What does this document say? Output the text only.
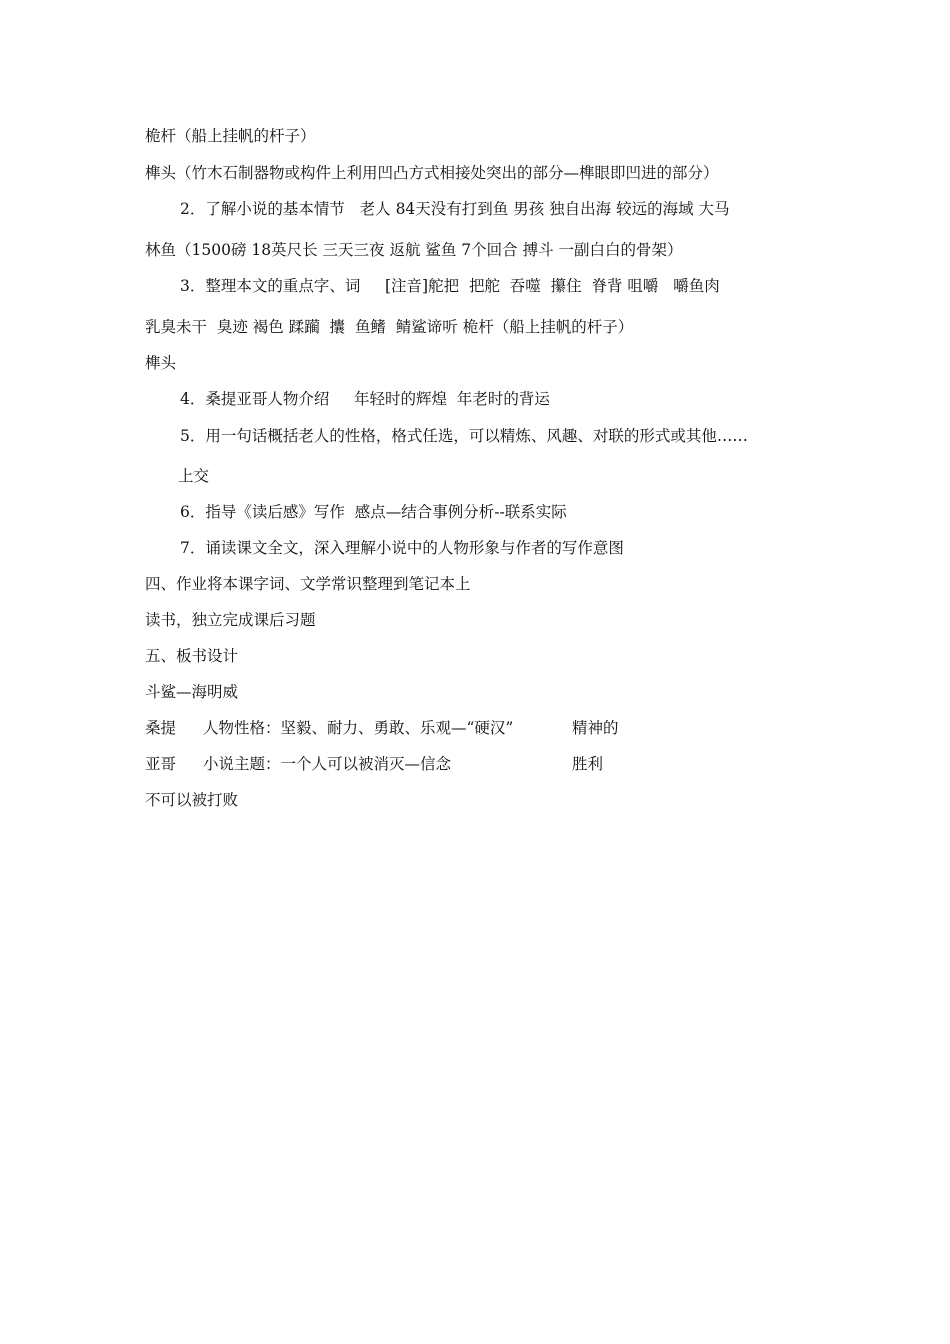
桅杆（船上挂帆的杆子）
榫头（竹木石制器物或构件上利用凹凸方式相接处突出的部分—榫眼即凹进的部分）
2．了解小说的基本情节   老人 84天没有打到鱼 男孩 独自出海 较远的海域 大马
林鱼（1500磅 18英尺长 三天三夜 返航 鲨鱼 7个回合 搏斗 一副白白的骨架）
3．整理本文的重点字、词     [注音]舵把  把舵  吞噬  攥住  脊背 咀嚼   嚼鱼肉
乳臭未干  臭迹 褐色 蹂躏  攮  鱼鳍  鲭鲨谛听 桅杆（船上挂帆的杆子）
榫头
4．桑提亚哥人物介绍     年轻时的辉煌  年老时的背运
5．用一句话概括老人的性格，格式任选，可以精炼、风趣、对联的形式或其他……
上交
6．指导《读后感》写作  感点—结合事例分析--联系实际
7．诵读课文全文，深入理解小说中的人物形象与作者的写作意图
四、作业将本课字词、文学常识整理到笔记本上
读书，独立完成课后习题
五、板书设计
斗鲨—海明威
桑提 人物性格：坚毅、耐力、勇敢、乐观—“硬汉”	精神的
亚哥 小说主题：一个人可以被消灭—信念	胜利
不可以被打败
